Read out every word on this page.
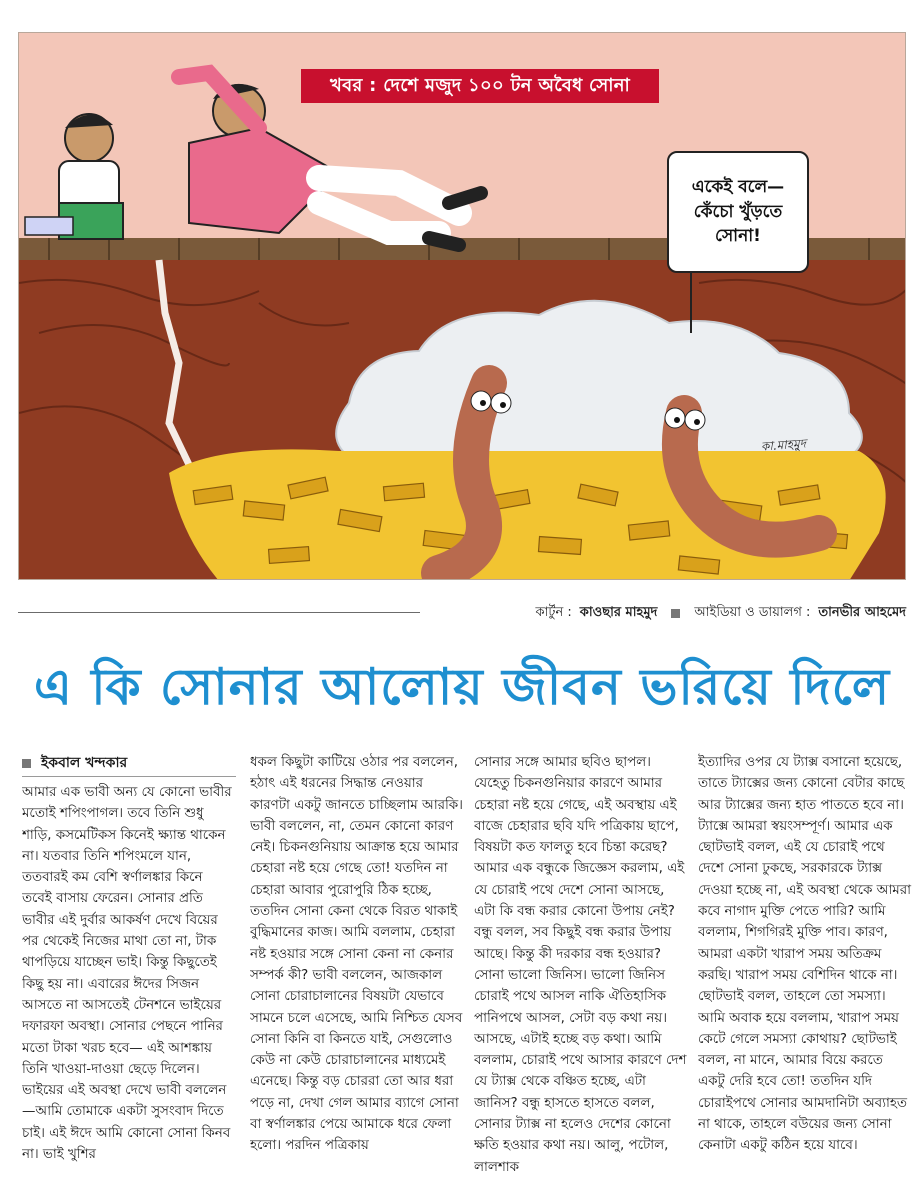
খবর : দেশে মজুদ ১০০ টন অবৈধ সোনা
একেই বলে—
কেঁচো খুঁড়তে
সোনা!
কা.মাহমুদ
কার্টুন : কাওছার মাহমুদ	আইডিয়া ও ডায়ালগ : তানভীর আহমেদ
এ কি সোনার আলোয় জীবন ভরিয়ে দিলে
ইকবাল খন্দকার
আমার এক ভাবী অন্য যে কোনো ভাবীর মতোই শপিংপাগল। তবে তিনি শুধু শাড়ি, কসমেটিকস কিনেই ক্ষ্যান্ত থাকেন না। যতবার তিনি শপিংমলে যান, ততবারই কম বেশি স্বর্ণালঙ্কার কিনে তবেই বাসায় ফেরেন। সোনার প্রতি ভাবীর এই দুর্বার আকর্ষণ দেখে বিয়ের পর থেকেই নিজের মাথা তো না, টাক থাপড়িয়ে যাচ্ছেন ভাই। কিন্তু কিছুতেই কিছু হয় না। এবারের ঈদের সিজন আসতে না আসতেই টেনশনে ভাইয়ের দফারফা অবস্থা। সোনার পেছনে পানির মতো টাকা খরচ হবে— এই আশঙ্কায় তিনি খাওয়া-দাওয়া ছেড়ে দিলেন। ভাইয়ের এই অবস্থা দেখে ভাবী বললেন—আমি তোমাকে একটা সুসংবাদ দিতে চাই। এই ঈদে আমি কোনো সোনা কিনব না। ভাই খুশির
ধকল কিছুটা কাটিয়ে ওঠার পর বললেন, হঠাৎ এই ধরনের সিদ্ধান্ত নেওয়ার কারণটা একটু জানতে চাচ্ছিলাম আরকি। ভাবী বললেন, না, তেমন কোনো কারণ নেই। চিকনগুনিয়ায় আক্রান্ত হয়ে আমার চেহারা নষ্ট হয়ে গেছে তো! যতদিন না চেহারা আবার পুরোপুরি ঠিক হচ্ছে, ততদিন সোনা কেনা থেকে বিরত থাকাই বুদ্ধিমানের কাজ। আমি বললাম, চেহারা নষ্ট হওয়ার সঙ্গে সোনা কেনা না কেনার সম্পর্ক কী? ভাবী বললেন, আজকাল সোনা চোরাচালানের বিষয়টা যেভাবে সামনে চলে এসেছে, আমি নিশ্চিত যেসব সোনা কিনি বা কিনতে যাই, সেগুলোও কেউ না কেউ চোরাচালানের মাধ্যমেই এনেছে। কিন্তু বড় চোররা তো আর ধরা পড়ে না, দেখা গেল আমার ব্যাগে সোনা বা স্বর্ণালঙ্কার পেয়ে আমাকে ধরে ফেলা হলো। পরদিন পত্রিকায়
সোনার সঙ্গে আমার ছবিও ছাপল। যেহেতু চিকনগুনিয়ার কারণে আমার চেহারা নষ্ট হয়ে গেছে, এই অবস্থায় এই বাজে চেহারার ছবি যদি পত্রিকায় ছাপে, বিষয়টা কত ফালতু হবে চিন্তা করেছ? আমার এক বন্ধুকে জিজ্ঞেস করলাম, এই যে চোরাই পথে দেশে সোনা আসছে, এটা কি বন্ধ করার কোনো উপায় নেই? বন্ধু বলল, সব কিছুই বন্ধ করার উপায় আছে। কিন্তু কী দরকার বন্ধ হওয়ার? সোনা ভালো জিনিস। ভালো জিনিস চোরাই পথে আসল নাকি ঐতিহাসিক পানিপথে আসল, সেটা বড় কথা নয়। আসছে, এটাই হচ্ছে বড় কথা। আমি বললাম, চোরাই পথে আসার কারণে দেশ যে ট্যাক্স থেকে বঞ্চিত হচ্ছে, এটা জানিস? বন্ধু হাসতে হাসতে বলল, সোনার ট্যাক্স না হলেও দেশের কোনো ক্ষতি হওয়ার কথা নয়। আলু, পটোল, লালশাক
ইত্যাদির ওপর যে ট্যাক্স বসানো হয়েছে, তাতে ট্যাক্সের জন্য কোনো বেটার কাছে আর ট্যাক্সের জন্য হাত পাততে হবে না। ট্যাক্সে আমরা স্বয়ংসম্পূর্ণ। আমার এক ছোটভাই বলল, এই যে চোরাই পথে দেশে সোনা ঢুকছে, সরকারকে ট্যাক্স দেওয়া হচ্ছে না, এই অবস্থা থেকে আমরা কবে নাগাদ মুক্তি পেতে পারি? আমি বললাম, শিগগিরই মুক্তি পাব। কারণ, আমরা একটা খারাপ সময় অতিক্রম করছি। খারাপ সময় বেশিদিন থাকে না। ছোটভাই বলল, তাহলে তো সমস্যা। আমি অবাক হয়ে বললাম, খারাপ সময় কেটে গেলে সমস্যা কোথায়? ছোটভাই বলল, না মানে, আমার বিয়ে করতে একটু দেরি হবে তো! ততদিন যদি চোরাইপথে সোনার আমদানিটা অব্যাহত না থাকে, তাহলে বউয়ের জন্য সোনা কেনাটা একটু কঠিন হয়ে যাবে।
